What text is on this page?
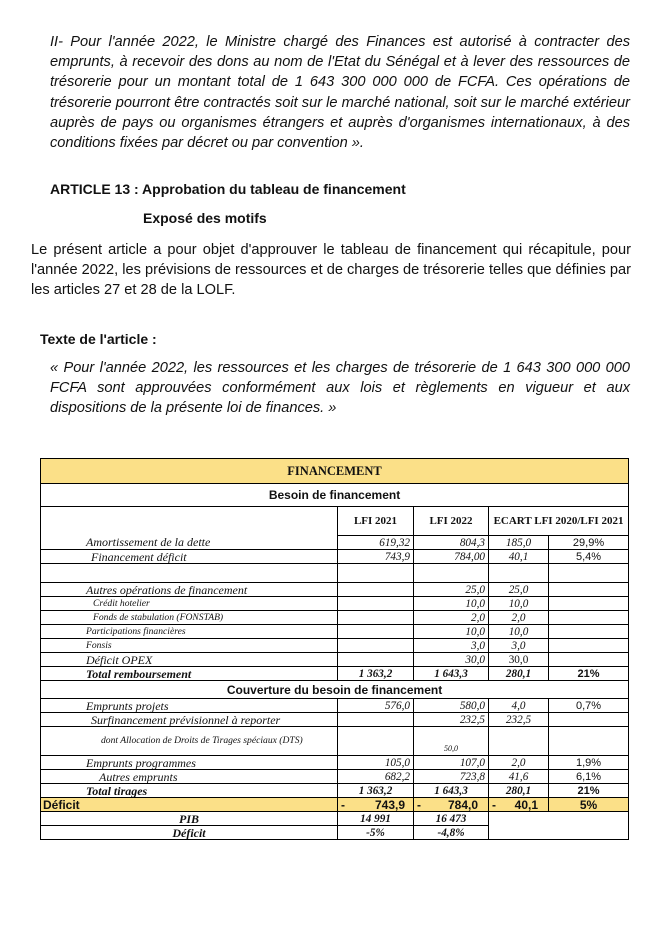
II- Pour l'année 2022, le Ministre chargé des Finances est autorisé à contracter des emprunts, à recevoir des dons au nom de l'Etat du Sénégal et à lever des ressources de trésorerie pour un montant total de 1 643 300 000 000 de FCFA. Ces opérations de trésorerie pourront être contractés soit sur le marché national, soit sur le marché extérieur auprès de pays ou organismes étrangers et auprès d'organismes internationaux, à des conditions fixées par décret ou par convention ».
ARTICLE 13 : Approbation du tableau de financement
Exposé des motifs
Le présent article a pour objet d'approuver le tableau de financement qui récapitule, pour l'année 2022, les prévisions de ressources et de charges de trésorerie telles que définies par les articles 27 et 28 de la LOLF.
Texte de l'article :
« Pour l'année 2022, les ressources et les charges de trésorerie de 1 643 300 000 000 FCFA sont approuvées conformément aux lois et règlements en vigueur et aux dispositions de la présente loi de finances. »
FINANCEMENT				
Besoin de financement				
	LFI 2021	LFI 2022	ECART LFI 2020/LFI 2021	
Amortissement de la dette	619,32	804,3	185,0	29,9%
Financement déficit	743,9	784,00	40,1	5,4%

Autres opérations de financement		25,0	25,0	
Crédit hotelier		10,0	10,0	
Fonds de stabulation (FONSTAB)		2,0	2,0	
Participations financières		10,0	10,0	
Fonsis		3,0	3,0	
Déficit OPEX		30,0	30,0	
Total remboursement	1 363,2	1 643,3	280,1	21%
Couverture du besoin de financement				
Emprunts projets	576,0	580,0	4,0	0,7%
Surfinancement prévisionnel à reporter		232,5	232,5	
dont Allocation de Droits de Tirages spéciaux (DTS)		50,0		
Emprunts programmes	105,0	107,0	2,0	1,9%
Autres emprunts	682,2	723,8	41,6	6,1%
Total tirages	1 363,2	1 643,3	280,1	21%
Déficit	- 743,9	- 784,0	- 40,1	5%
PIB	14 991	16 473		
Déficit	-5%	-4,8%		
